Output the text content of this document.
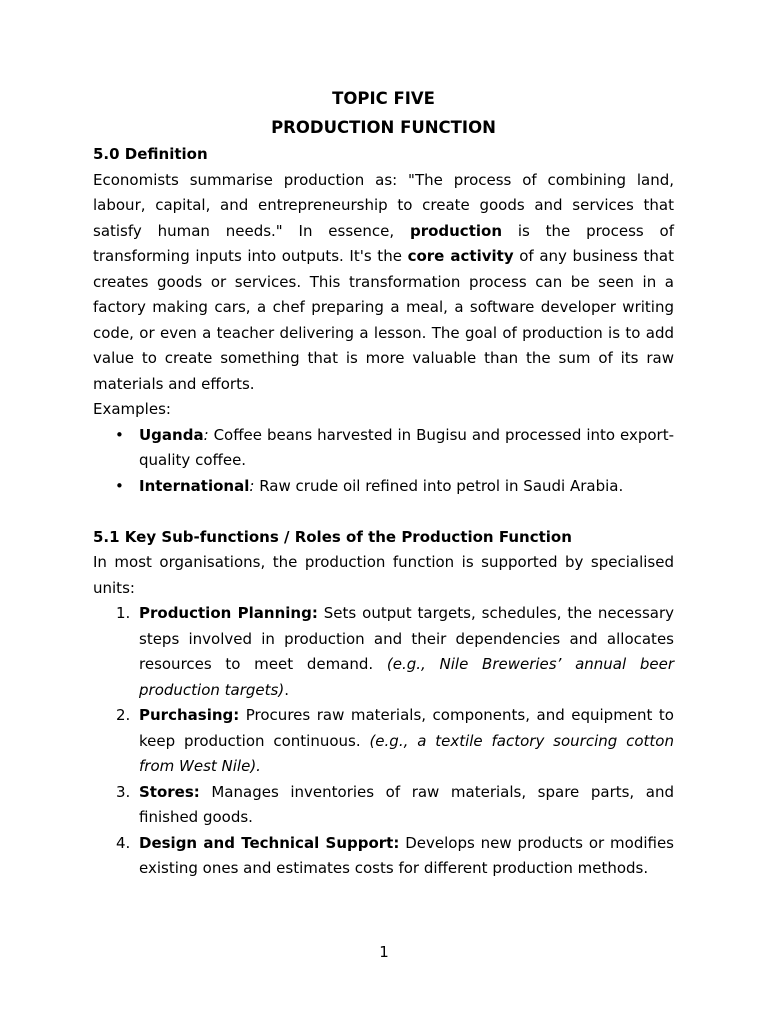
TOPIC FIVE

PRODUCTION FUNCTION

5.0 Definition

Economists summarise production as: "The process of combining land, labour, capital, and entrepreneurship to create goods and services that satisfy human needs." In essence, production is the process of transforming inputs into outputs. It's the core activity of any business that creates goods or services. This transformation process can be seen in a factory making cars, a chef preparing a meal, a software developer writing code, or even a teacher delivering a lesson. The goal of production is to add value to create something that is more valuable than the sum of its raw materials and efforts.

Examples:

• Uganda: Coffee beans harvested in Bugisu and processed into export-quality coffee.
• International: Raw crude oil refined into petrol in Saudi Arabia.

5.1 Key Sub-functions / Roles of the Production Function

In most organisations, the production function is supported by specialised units:

1. Production Planning: Sets output targets, schedules, the necessary steps involved in production and their dependencies and allocates resources to meet demand. (e.g., Nile Breweries’ annual beer production targets).
2. Purchasing: Procures raw materials, components, and equipment to keep production continuous. (e.g., a textile factory sourcing cotton from West Nile).
3. Stores: Manages inventories of raw materials, spare parts, and finished goods.
4. Design and Technical Support: Develops new products or modifies existing ones and estimates costs for different production methods.
1
